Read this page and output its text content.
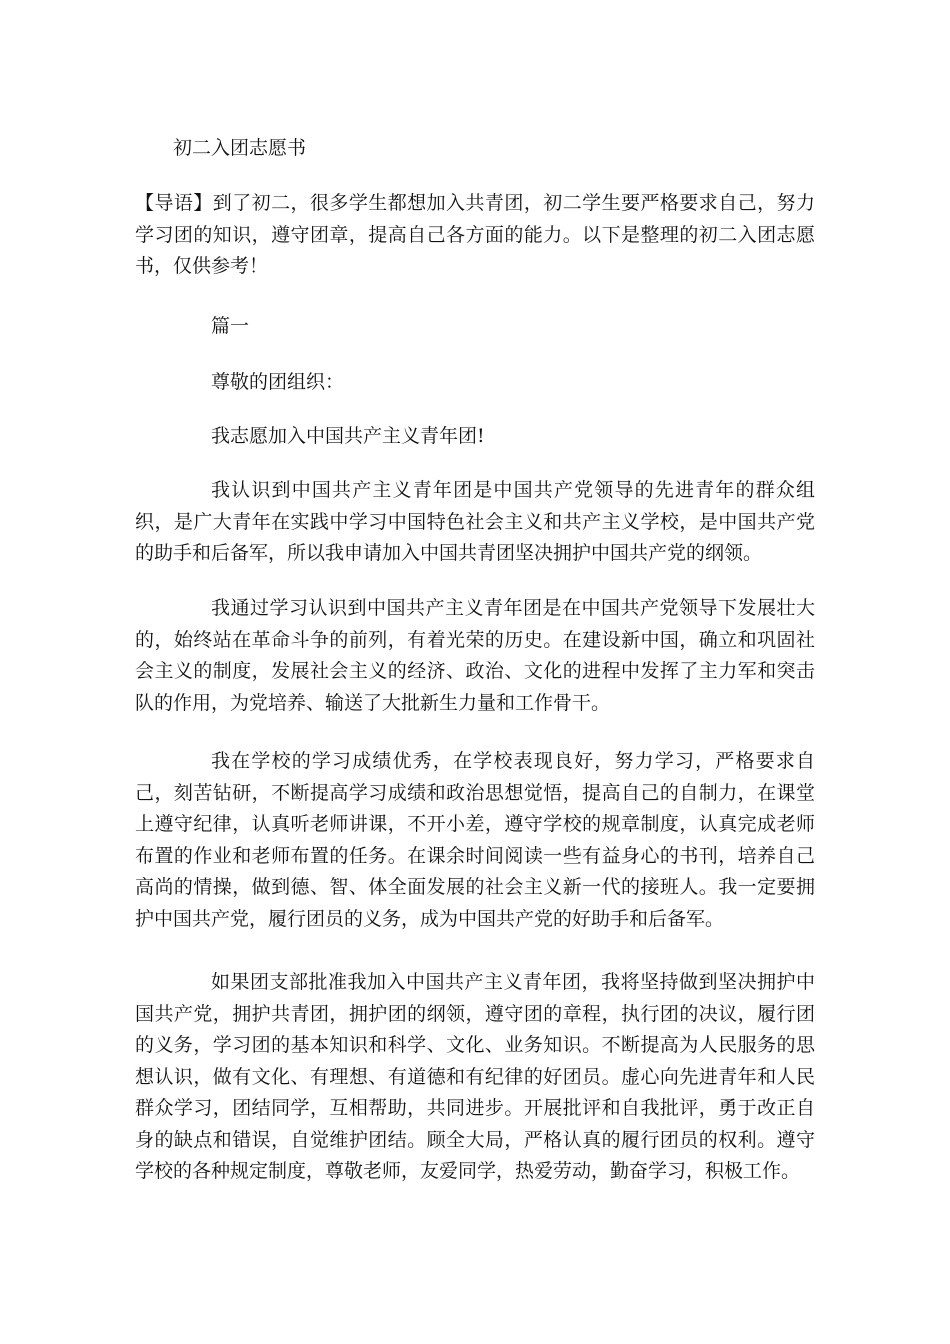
初二入团志愿书
【导语】到了初二，很多学生都想加入共青团，初二学生要严格要求自己，努力学习团的知识，遵守团章，提高自己各方面的能力。以下是整理的初二入团志愿书，仅供参考！
篇一
尊敬的团组织：
我志愿加入中国共产主义青年团!
我认识到中国共产主义青年团是中国共产党领导的先进青年的群众组织，是广大青年在实践中学习中国特色社会主义和共产主义学校，是中国共产党的助手和后备军，所以我申请加入中国共青团坚决拥护中国共产党的纲领。
我通过学习认识到中国共产主义青年团是在中国共产党领导下发展壮大的，始终站在革命斗争的前列，有着光荣的历史。在建设新中国，确立和巩固社会主义的制度，发展社会主义的经济、政治、文化的进程中发挥了主力军和突击队的作用，为党培养、输送了大批新生力量和工作骨干。
我在学校的学习成绩优秀，在学校表现良好，努力学习，严格要求自己，刻苦钻研，不断提高学习成绩和政治思想觉悟，提高自己的自制力，在课堂上遵守纪律，认真听老师讲课，不开小差，遵守学校的规章制度，认真完成老师布置的作业和老师布置的任务。在课余时间阅读一些有益身心的书刊，培养自己高尚的情操，做到德、智、体全面发展的社会主义新一代的接班人。我一定要拥护中国共产党，履行团员的义务，成为中国共产党的好助手和后备军。
如果团支部批准我加入中国共产主义青年团，我将坚持做到坚决拥护中国共产党，拥护共青团，拥护团的纲领，遵守团的章程，执行团的决议，履行团的义务，学习团的基本知识和科学、文化、业务知识。不断提高为人民服务的思想认识，做有文化、有理想、有道德和有纪律的好团员。虚心向先进青年和人民群众学习，团结同学，互相帮助，共同进步。开展批评和自我批评，勇于改正自身的缺点和错误，自觉维护团结。顾全大局，严格认真的履行团员的权利。遵守学校的各种规定制度，尊敬老师，友爱同学，热爱劳动，勤奋学习，积极工作。
